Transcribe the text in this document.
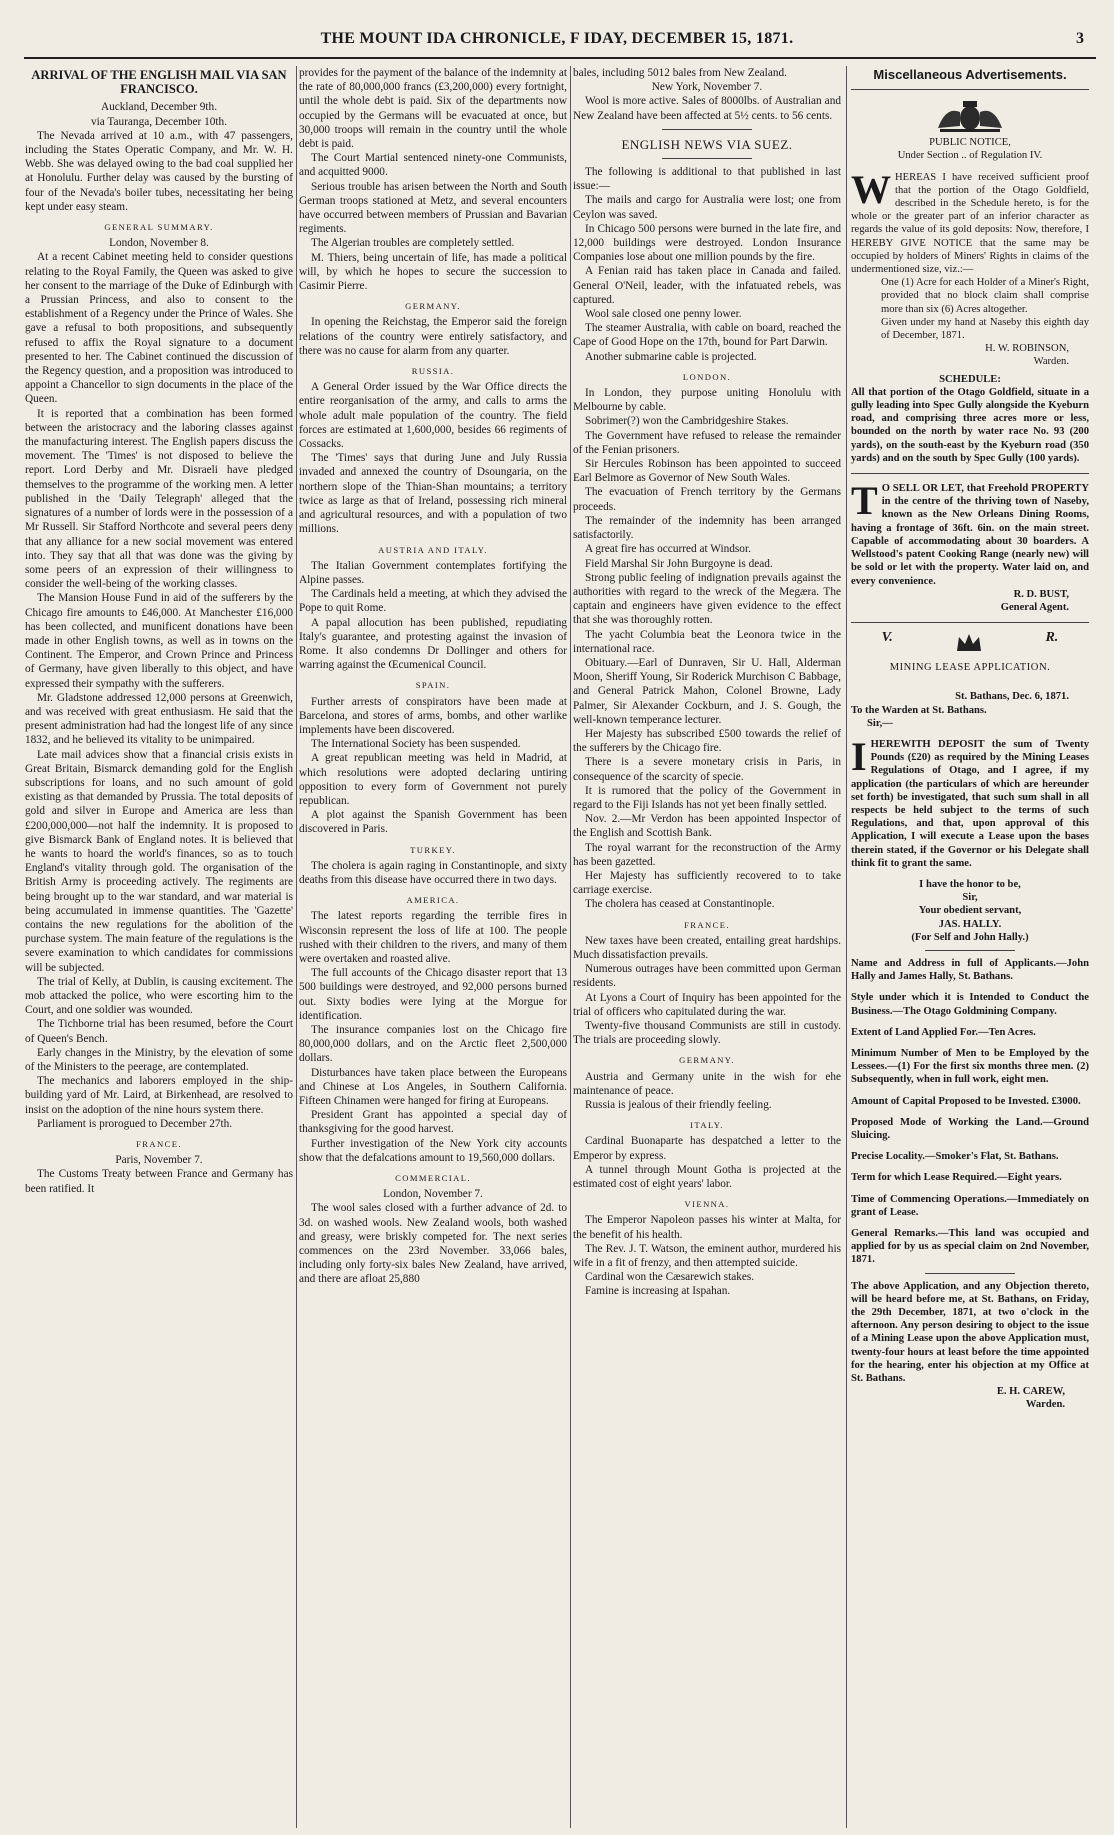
THE MOUNT IDA CHRONICLE, F IDAY, DECEMBER 15, 1871.	3

ARRIVAL OF THE ENGLISH MAIL VIA SAN FRANCISCO.

Auckland, December 9th.

via Tauranga, December 10th.

The Nevada arrived at 10 a.m., with 47 passengers, including the States Operatic Company, and Mr. W. H. Webb. She was delayed owing to the bad coal supplied her at Honolulu. Further delay was caused by the bursting of four of the Nevada's boiler tubes, necessitating her being kept under easy steam.

GENERAL SUMMARY.

London, November 8.

At a recent Cabinet meeting held to consider questions relating to the Royal Family, the Queen was asked to give her consent to the marriage of the Duke of Edinburgh with a Prussian Princess, and also to consent to the establishment of a Regency under the Prince of Wales. She gave a refusal to both propositions, and subsequently refused to affix the Royal signature to a document presented to her. The Cabinet continued the discussion of the Regency question, and a proposition was introduced to appoint a Chancellor to sign documents in the place of the Queen.

It is reported that a combination has been formed between the aristocracy and the laboring classes against the manufacturing interest. The English papers discuss the movement. The 'Times' is not disposed to believe the report. Lord Derby and Mr. Disraeli have pledged themselves to the programme of the working men. A letter published in the 'Daily Telegraph' alleged that the signatures of a number of lords were in the possession of a Mr Russell. Sir Stafford Northcote and several peers deny that any alliance for a new social movement was entered into. They say that all that was done was the giving by some peers of an expression of their willingness to consider the well-being of the working classes.

The Mansion House Fund in aid of the sufferers by the Chicago fire amounts to £46,000. At Manchester £16,000 has been collected, and munificent donations have been made in other English towns, as well as in towns on the Continent. The Emperor, and Crown Prince and Princess of Germany, have given liberally to this object, and have expressed their sympathy with the sufferers.

Mr. Gladstone addressed 12,000 persons at Greenwich, and was received with great enthusiasm. He said that the present administration had had the longest life of any since 1832, and he believed its vitality to be unimpaired.

Late mail advices show that a financial crisis exists in Great Britain, Bismarck demanding gold for the English subscriptions for loans, and no such amount of gold existing as that demanded by Prussia. The total deposits of gold and silver in Europe and America are less than £200,000,000—not half the indemnity. It is proposed to give Bismarck Bank of England notes. It is believed that he wants to hoard the world's finances, so as to touch England's vitality through gold. The organisation of the British Army is proceeding actively. The regiments are being brought up to the war standard, and war material is being accumulated in immense quantities. The 'Gazette' contains the new regulations for the abolition of the purchase system. The main feature of the regulations is the severe examination to which candidates for commissions will be subjected.

The trial of Kelly, at Dublin, is causing excitement. The mob attacked the police, who were escorting him to the Court, and one soldier was wounded.

The Tichborne trial has been resumed, before the Court of Queen's Bench.

Early changes in the Ministry, by the elevation of some of the Ministers to the peerage, are contemplated.

The mechanics and laborers employed in the ship-building yard of Mr. Laird, at Birkenhead, are resolved to insist on the adoption of the nine hours system there.

Parliament is prorogued to December 27th.

FRANCE.

Paris, November 7.

The Customs Treaty between France and Germany has been ratified. It

provides for the payment of the balance of the indemnity at the rate of 80,000,000 francs (£3,200,000) every fortnight, until the whole debt is paid. Six of the departments now occupied by the Germans will be evacuated at once, but 30,000 troops will remain in the country until the whole debt is paid.

The Court Martial sentenced ninety-one Communists, and acquitted 9000.

Serious trouble has arisen between the North and South German troops stationed at Metz, and several encounters have occurred between members of Prussian and Bavarian regiments.

The Algerian troubles are completely settled.

M. Thiers, being uncertain of life, has made a political will, by which he hopes to secure the succession to Casimir Pierre.

GERMANY.

In opening the Reichstag, the Emperor said the foreign relations of the country were entirely satisfactory, and there was no cause for alarm from any quarter.

RUSSIA.

A General Order issued by the War Office directs the entire reorganisation of the army, and calls to arms the whole adult male population of the country. The field forces are estimated at 1,600,000, besides 66 regiments of Cossacks.

The 'Times' says that during June and July Russia invaded and annexed the country of Dsoungaria, on the northern slope of the Thian-Shan mountains; a territory twice as large as that of Ireland, possessing rich mineral and agricultural resources, and with a population of two millions.

AUSTRIA AND ITALY.

The Italian Government contemplates fortifying the Alpine passes.

The Cardinals held a meeting, at which they advised the Pope to quit Rome.

A papal allocution has been published, repudiating Italy's guarantee, and protesting against the invasion of Rome. It also condemns Dr Dollinger and others for warring against the Œcumenical Council.

SPAIN.

Further arrests of conspirators have been made at Barcelona, and stores of arms, bombs, and other warlike implements have been discovered.

The International Society has been suspended.

A great republican meeting was held in Madrid, at which resolutions were adopted declaring untiring opposition to every form of Government not purely republican.

A plot against the Spanish Government has been discovered in Paris.

TURKEY.

The cholera is again raging in Constantinople, and sixty deaths from this disease have occurred there in two days.

AMERICA.

The latest reports regarding the terrible fires in Wisconsin represent the loss of life at 100. The people rushed with their children to the rivers, and many of them were overtaken and roasted alive.

The full accounts of the Chicago disaster report that 13 500 buildings were destroyed, and 92,000 persons burned out. Sixty bodies were lying at the Morgue for identification.

The insurance companies lost on the Chicago fire 80,000,000 dollars, and on the Arctic fleet 2,500,000 dollars.

Disturbances have taken place between the Europeans and Chinese at Los Angeles, in Southern California. Fifteen Chinamen were hanged for firing at Europeans.

President Grant has appointed a special day of thanksgiving for the good harvest.

Further investigation of the New York city accounts show that the defalcations amount to 19,560,000 dollars.

COMMERCIAL.

London, November 7.

The wool sales closed with a further advance of 2d. to 3d. on washed wools. New Zealand wools, both washed and greasy, were briskly competed for. The next series commences on the 23rd November. 33,066 bales, including only forty-six bales New Zealand, have arrived, and there are afloat 25,880

bales, including 5012 bales from New Zealand.

New York, November 7.

Wool is more active. Sales of 8000lbs. of Australian and New Zealand have been affected at 5½ cents. to 56 cents.

ENGLISH NEWS VIA SUEZ.

The following is additional to that published in last issue:—

The mails and cargo for Australia were lost; one from Ceylon was saved.

In Chicago 500 persons were burned in the late fire, and 12,000 buildings were destroyed. London Insurance Companies lose about one million pounds by the fire.

A Fenian raid has taken place in Canada and failed. General O'Neil, leader, with the infatuated rebels, was captured.

Wool sale closed one penny lower.

The steamer Australia, with cable on board, reached the Cape of Good Hope on the 17th, bound for Part Darwin.

Another submarine cable is projected.

LONDON.

In London, they purpose uniting Honolulu with Melbourne by cable.

Sobrimer(?) won the Cambridgeshire Stakes.

The Government have refused to release the remainder of the Fenian prisoners.

Sir Hercules Robinson has been appointed to succeed Earl Belmore as Governor of New South Wales.

The evacuation of French territory by the Germans proceeds.

The remainder of the indemnity has been arranged satisfactorily.

A great fire has occurred at Windsor.

Field Marshal Sir John Burgoyne is dead.

Strong public feeling of indignation prevails against the authorities with regard to the wreck of the Megæra. The captain and engineers have given evidence to the effect that she was thoroughly rotten.

The yacht Columbia beat the Leonora twice in the international race.

Obituary.—Earl of Dunraven, Sir U. Hall, Alderman Moon, Sheriff Young, Sir Roderick Murchison C Babbage, and General Patrick Mahon, Colonel Browne, Lady Palmer, Sir Alexander Cockburn, and J. S. Gough, the well-known temperance lecturer.

Her Majesty has subscribed £500 towards the relief of the sufferers by the Chicago fire.

There is a severe monetary crisis in Paris, in consequence of the scarcity of specie.

It is rumored that the policy of the Government in regard to the Fiji Islands has not yet been finally settled.

Nov. 2.—Mr Verdon has been appointed Inspector of the English and Scottish Bank.

The royal warrant for the reconstruction of the Army has been gazetted.

Her Majesty has sufficiently recovered to to take carriage exercise.

The cholera has ceased at Constantinople.

FRANCE.

New taxes have been created, entailing great hardships. Much dissatisfaction prevails.

Numerous outrages have been committed upon German residents.

At Lyons a Court of Inquiry has been appointed for the trial of officers who capitulated during the war.

Twenty-five thousand Communists are still in custody. The trials are proceeding slowly.

GERMANY.

Austria and Germany unite in the wish for ehe maintenance of peace.

Russia is jealous of their friendly feeling.

ITALY.

Cardinal Buonaparte has despatched a letter to the Emperor by express.

A tunnel through Mount Gotha is projected at the estimated cost of eight years' labor.

VIENNA.

The Emperor Napoleon passes his winter at Malta, for the benefit of his health.

The Rev. J. T. Watson, the eminent author, murdered his wife in a fit of frenzy, and then attempted suicide.

Cardinal won the Cæsarewich stakes.

Famine is increasing at Ispahan.

Miscellaneous Advertisements.

PUBLIC NOTICE,

Under Section .. of Regulation IV.

WHEREAS I have received sufficient proof that the portion of the Otago Goldfield, described in the Schedule hereto, is for the whole or the greater part of an inferior character as regards the value of its gold deposits: Now, therefore, I HEREBY GIVE NOTICE that the same may be occupied by holders of Miners' Rights in claims of the undermentioned size, viz.:—

One (1) Acre for each Holder of a Miner's Right, provided that no block claim shall comprise more than six (6) Acres altogether.

Given under my hand at Naseby this eighth day of December, 1871.

H. W. ROBINSON,

Warden.

SCHEDULE:

All that portion of the Otago Goldfield, situate in a gully leading into Spec Gully alongside the Kyeburn road, and comprising three acres more or less, bounded on the north by water race No. 93 (200 yards), on the south-east by the Kyeburn road (350 yards) and on the south by Spec Gully (100 yards).

T O SELL OR LET, that Freehold PROPERTY in the centre of the thriving town of Naseby, known as the New Orleans Dining Rooms, having a frontage of 36ft. 6in. on the main street. Capable of accommodating about 30 boarders. A Wellstood's patent Cooking Range (nearly new) will be sold or let with the property. Water laid on, and every convenience.

R. D. BUST,

General Agent.

V.	R.

MINING LEASE APPLICATION.

St. Bathans, Dec. 6, 1871.

To the Warden at St. Bathans.

Sir,—

IHEREWITH DEPOSIT the sum of Twenty Pounds (£20) as required by the Mining Leases Regulations of Otago, and I agree, if my application (the particulars of which are hereunder set forth) be investigated, that such sum shall in all respects be held subject to the terms of such Regulations, and that, upon approval of this Application, I will execute a Lease upon the bases therein stated, if the Governor or his Delegate shall think fit to grant the same.

I have the honor to be,

Sir,

Your obedient servant,

JAS. HALLY.

(For Self and John Hally.)

Name and Address in full of Applicants.—John Hally and James Hally, St. Bathans.

Style under which it is Intended to Conduct the Business.—The Otago Goldmining Company.

Extent of Land Applied For.—Ten Acres.

Minimum Number of Men to be Employed by the Lessees.—(1) For the first six months three men. (2) Subsequently, when in full work, eight men.

Amount of Capital Proposed to be Invested. £3000.

Proposed Mode of Working the Land.—Ground Sluicing.

Precise Locality.—Smoker's Flat, St. Bathans.

Term for which Lease Required.—Eight years.

Time of Commencing Operations.—Immediately on grant of Lease.

General Remarks.—This land was occupied and applied for by us as special claim on 2nd November, 1871.

The above Application, and any Objection thereto, will be heard before me, at St. Bathans, on Friday, the 29th December, 1871, at two o'clock in the afternoon. Any person desiring to object to the issue of a Mining Lease upon the above Application must, twenty-four hours at least before the time appointed for the hearing, enter his objection at my Office at St. Bathans.

E. H. CAREW,

Warden.
